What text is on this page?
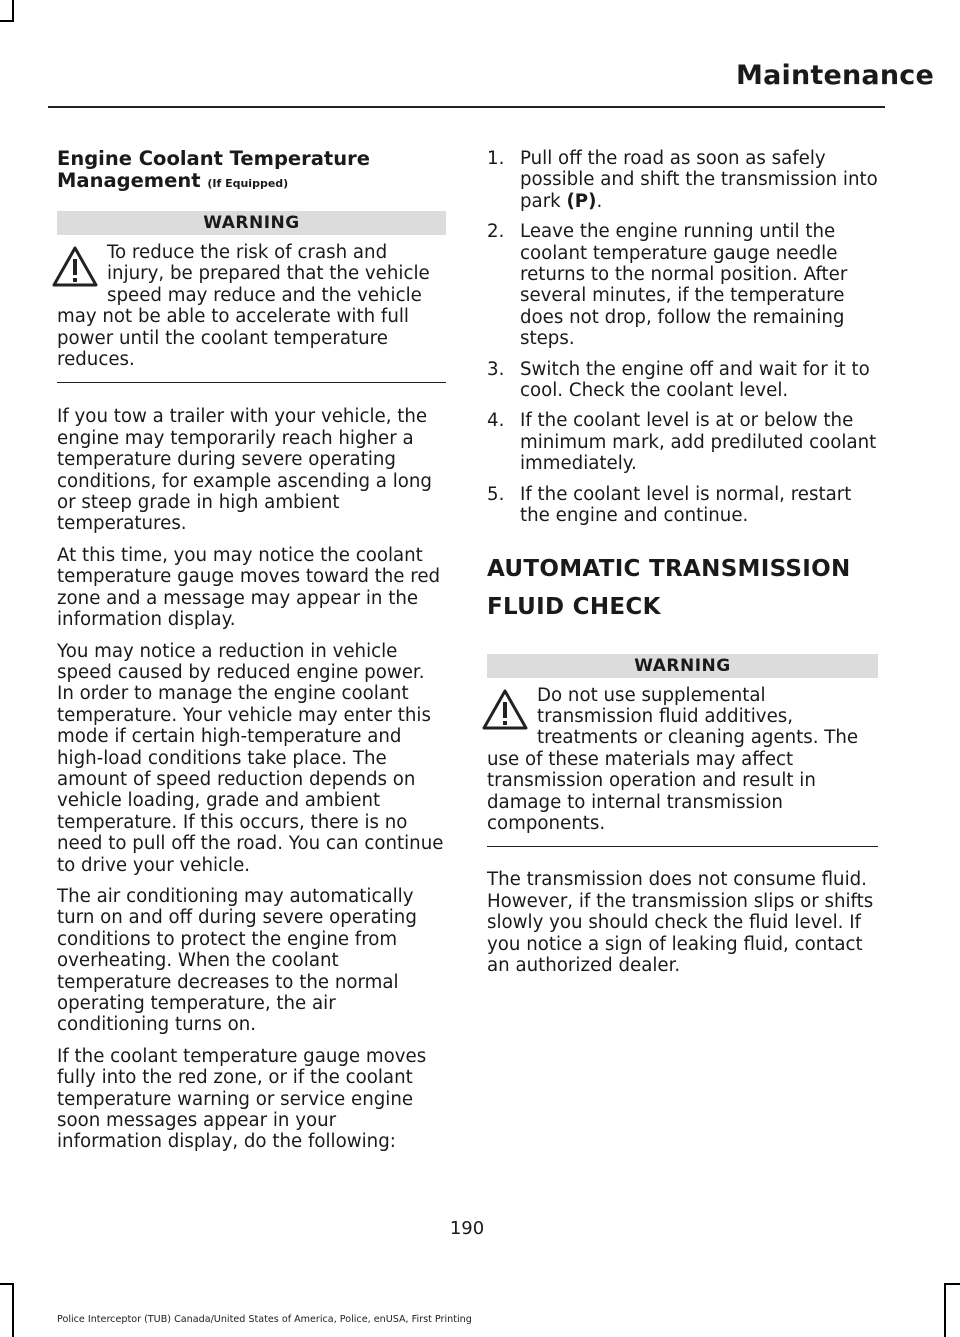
Maintenance
Engine Coolant Temperature Management (If Equipped)
WARNING

To reduce the risk of crash and injury, be prepared that the vehicle speed may reduce and the vehicle may not be able to accelerate with full power until the coolant temperature reduces.

If you tow a trailer with your vehicle, the engine may temporarily reach higher a temperature during severe operating conditions, for example ascending a long or steep grade in high ambient temperatures.

At this time, you may notice the coolant temperature gauge moves toward the red zone and a message may appear in the information display.

You may notice a reduction in vehicle speed caused by reduced engine power. In order to manage the engine coolant temperature. Your vehicle may enter this mode if certain high-temperature and high-load conditions take place. The amount of speed reduction depends on vehicle loading, grade and ambient temperature. If this occurs, there is no need to pull off the road. You can continue to drive your vehicle.

The air conditioning may automatically turn on and off during severe operating conditions to protect the engine from overheating. When the coolant temperature decreases to the normal operating temperature, the air conditioning turns on.

If the coolant temperature gauge moves fully into the red zone, or if the coolant temperature warning or service engine soon messages appear in your information display, do the following:

1. Pull off the road as soon as safely possible and shift the transmission into park (P).
2. Leave the engine running until the coolant temperature gauge needle returns to the normal position. After several minutes, if the temperature does not drop, follow the remaining steps.
3. Switch the engine off and wait for it to cool. Check the coolant level.
4. If the coolant level is at or below the minimum mark, add prediluted coolant immediately.
5. If the coolant level is normal, restart the engine and continue.
AUTOMATIC TRANSMISSION
FLUID CHECK
WARNING

Do not use supplemental transmission fluid additives, treatments or cleaning agents. The use of these materials may affect transmission operation and result in damage to internal transmission components.

The transmission does not consume fluid. However, if the transmission slips or shifts slowly you should check the fluid level. If you notice a sign of leaking fluid, contact an authorized dealer.

190
Police Interceptor (TUB) Canada/United States of America, Police, enUSA, First Printing
